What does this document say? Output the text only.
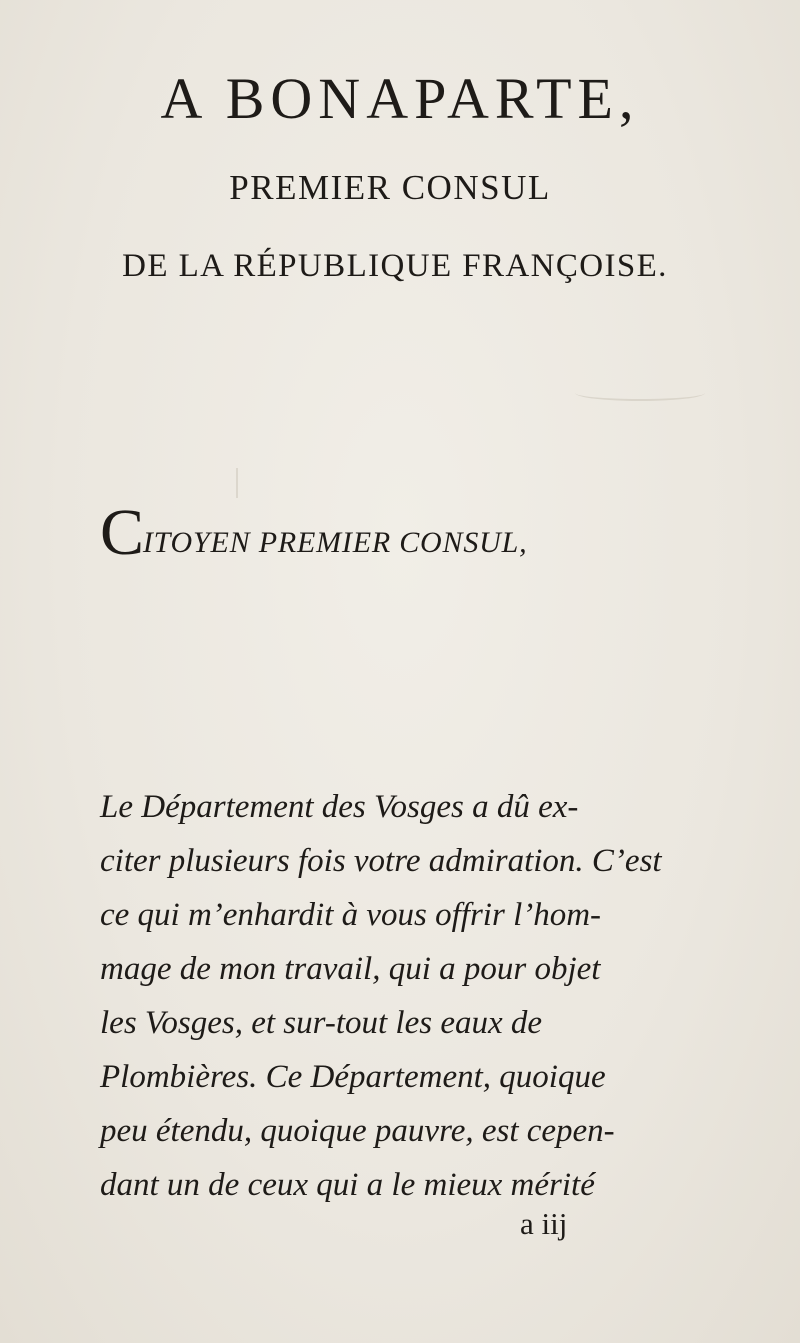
A BONAPARTE,
PREMIER CONSUL
DE LA RÉPUBLIQUE FRANÇOISE.
CITOYEN PREMIER CONSUL,
Le Département des Vosges a dû ex-
citer plusieurs fois votre admiration. C’est
ce qui m’enhardit à vous offrir l’hom-
mage de mon travail, qui a pour objet
les Vosges, et sur-tout les eaux de
Plombières. Ce Département, quoique
peu étendu, quoique pauvre, est cepen-
dant un de ceux qui a le mieux mérité
a iij
